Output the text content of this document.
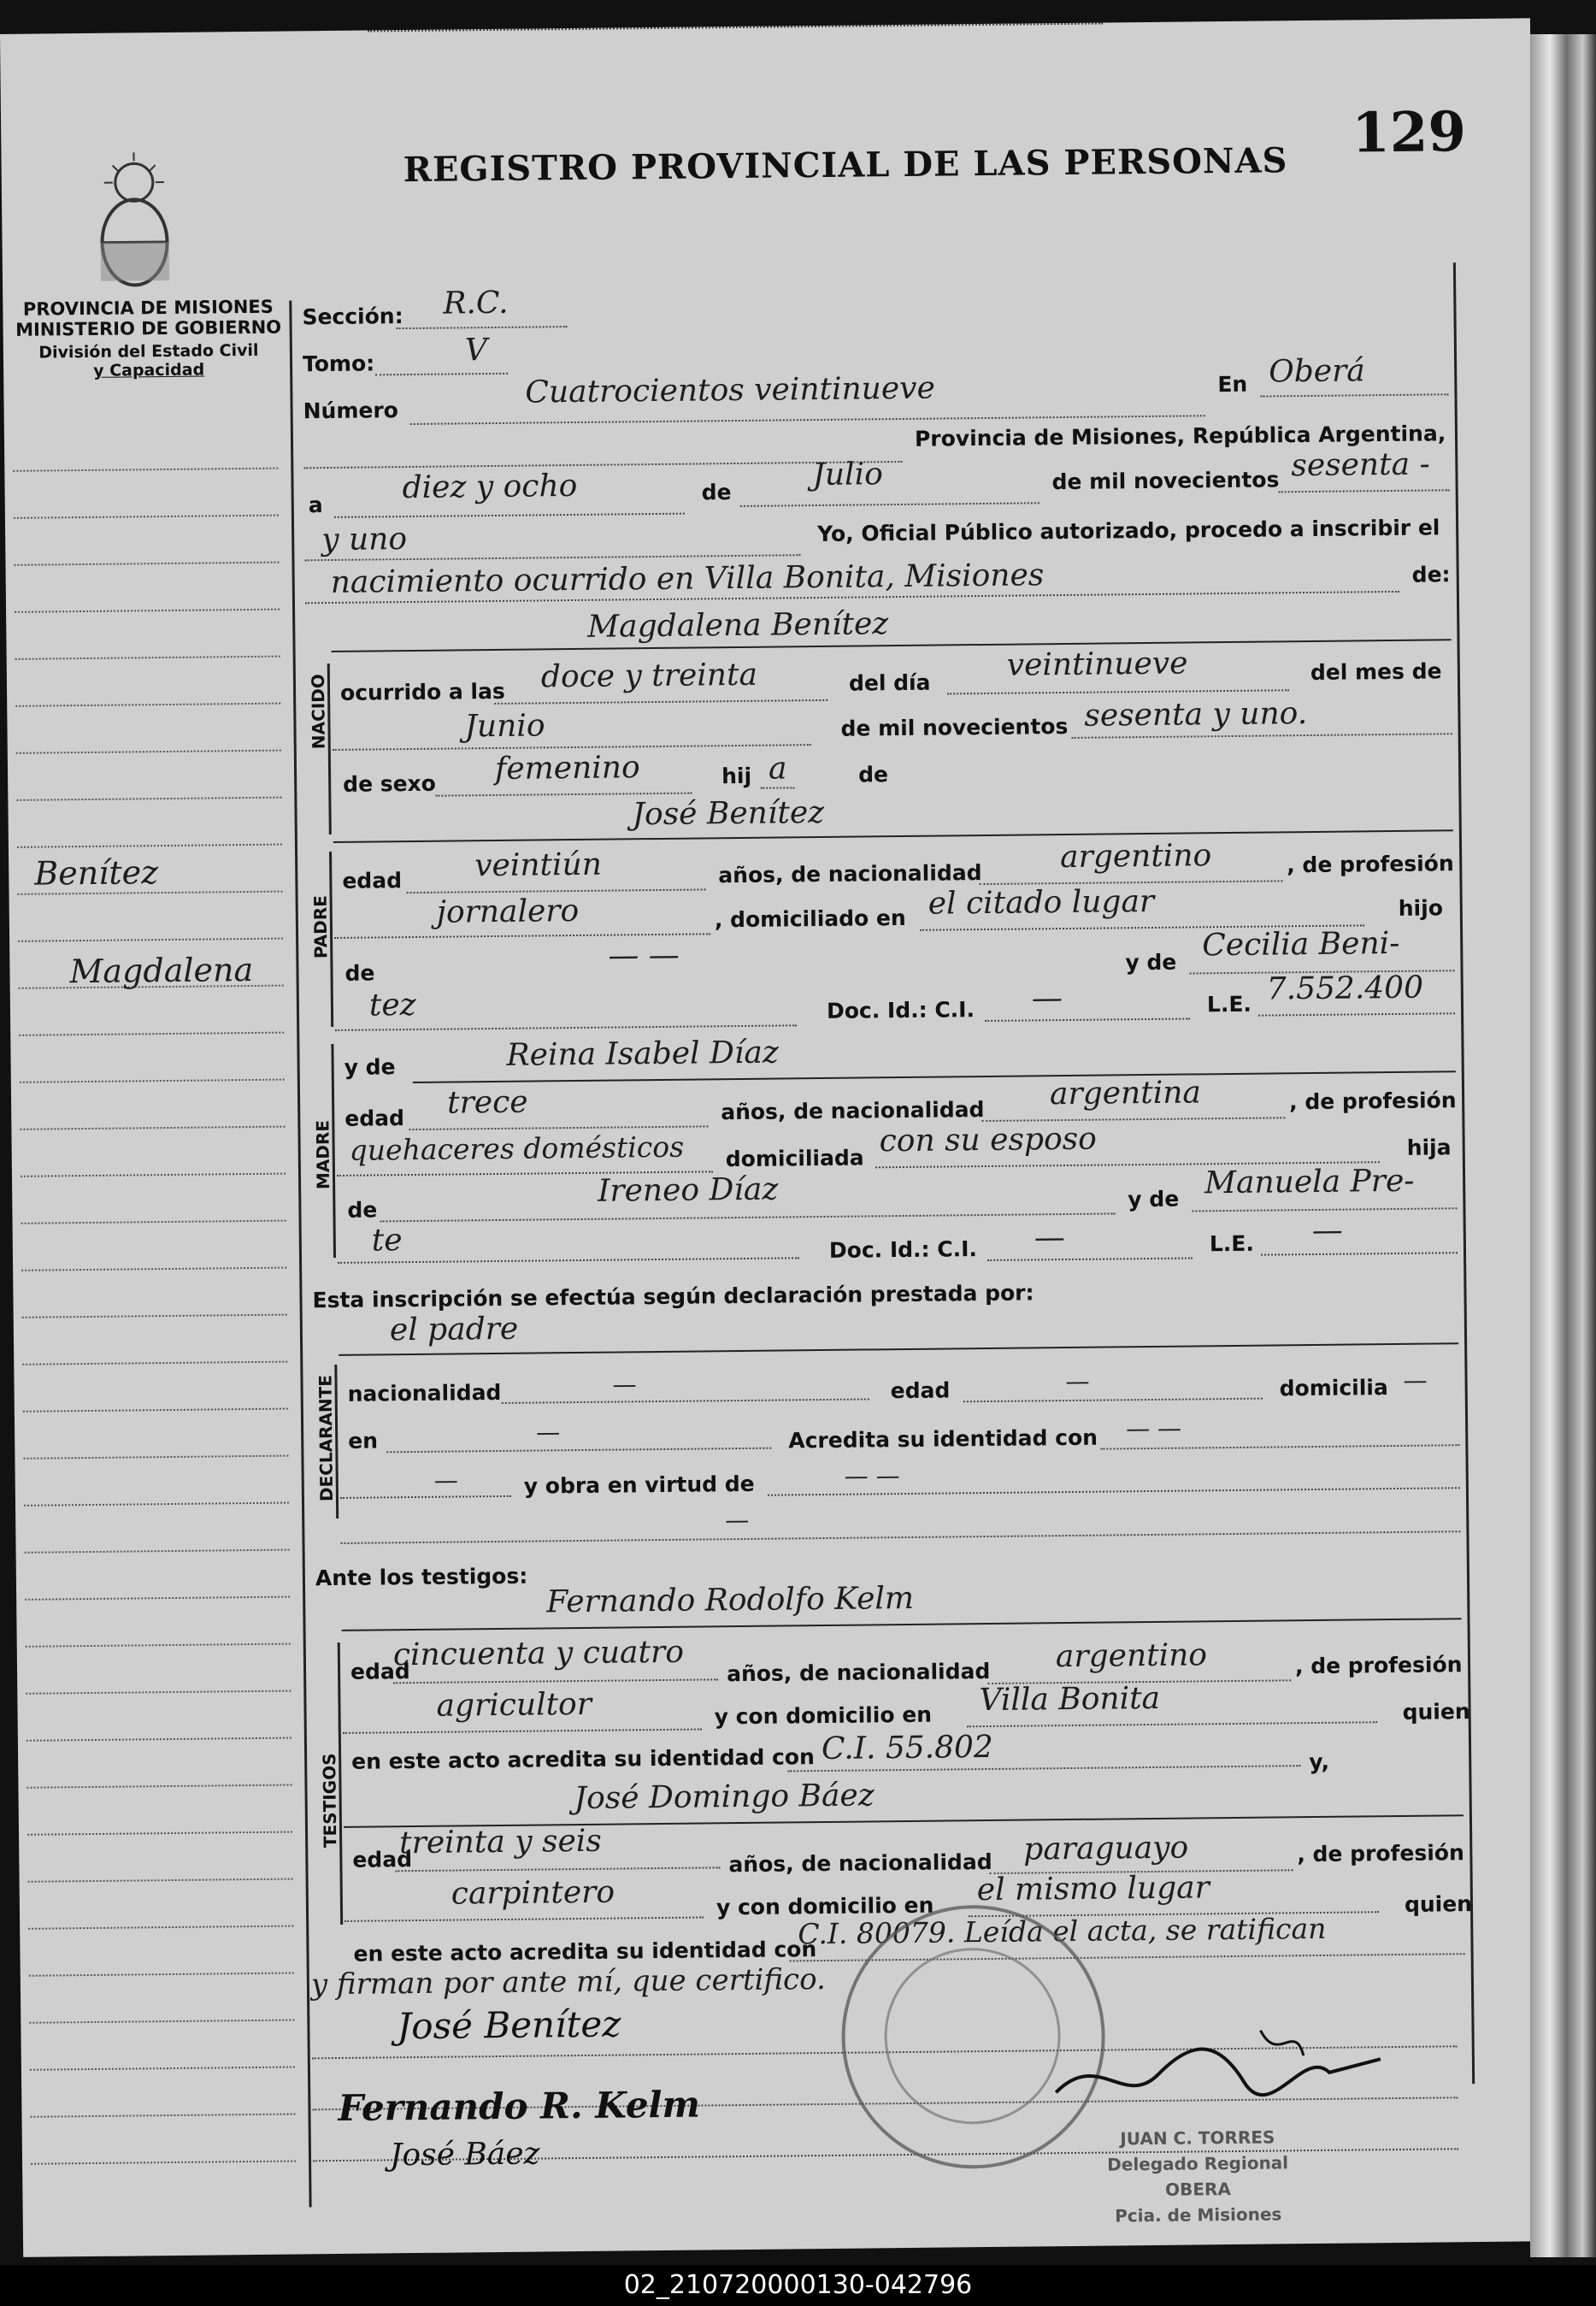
REGISTRO PROVINCIAL DE LAS PERSONAS 129
PROVINCIA DE MISIONES
MINISTERIO DE GOBIERNO
División del Estado Civil
y Capacidad
Benítez
Magdalena
Sección: R.C.
Tomo:	V
Número
Cuatrocientos veintinueve	En Oberá
Provincia de Misiones, República Argentina,
a	diez y ocho	de	Julio	de mil novecientos sesenta -
y uno	Yo, Oficial Público autorizado, procedo a inscribir el
nacimiento ocurrido en Villa Bonita, Misiones	de:
Magdalena Benítez
NACIDO ocurrido a las doce y treinta	del día veintinueve	del mes de
Junio	de mil novecientos sesenta y uno.
de sexo femenino	hij a	de
José Benítez
PADRE
edad veintiún	años, de nacionalidad	argentino	, de profesión
jornalero	, domiciliado en el citado lugar	hijo
de	— —	y de Cecilia Beni-
tez	Doc. Id.: C.I. —	L.E. 7.552.400
MADRE
y de	Reina Isabel Díaz
edad trece	años, de nacionalidad argentina	, de profesión
quehaceres domésticos domiciliada con su esposo	hija
de
Ireneo Díaz	y de Manuela Pre-
te	Doc. Id.: C.I. —	L.E. —
Esta inscripción se efectúa según declaración prestada por:
el padre
DECLARANTE nacionalidad	—	edad	—	domicilia —
en	—	Acredita su identidad con — —
—	y obra en virtud de	— —
—
Ante los testigos:
Fernando Rodolfo Kelm
TESTIGOS
edad
cincuenta y cuatro años, de nacionalidad argentino	, de profesión
agricultor	y con domicilio en Villa Bonita	quien
en este acto acredita su identidad con C.I. 55.802	y,
José Domingo Báez
edad
treinta y seis
años, de nacionalidad paraguayo	, de profesión
carpintero	y con domicilio en el mismo lugar	quien
en este acto acredita su identidad con
C.I. 80079. Leída el acta, se ratifican
y firman por ante mí, que certifico.
José Benítez
Fernando R. Kelm
José Báez	JUAN C. TORRES
Delegado Regional
OBERA
Pcia. de Misiones
02_210720000130-042796
